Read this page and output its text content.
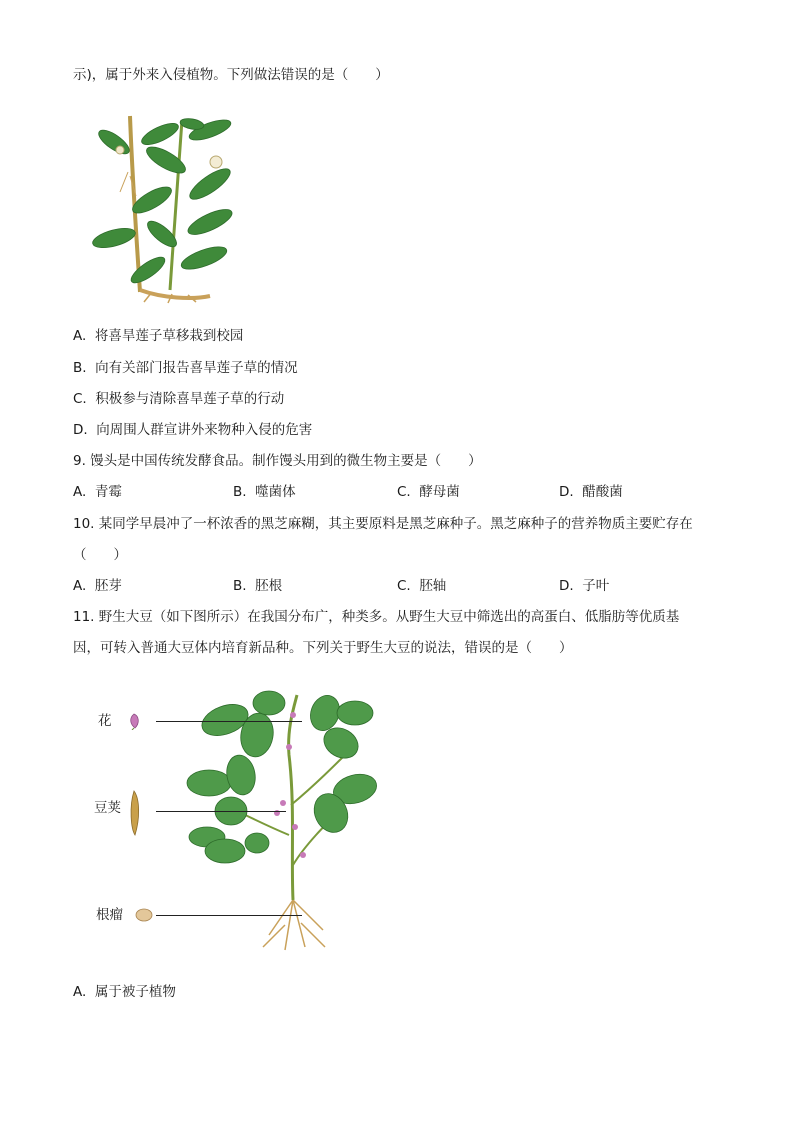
示)，属于外来入侵植物。下列做法错误的是（　　）
A. 将喜旱莲子草移栽到校园
B. 向有关部门报告喜旱莲子草的情况
C. 积极参与清除喜旱莲子草的行动
D. 向周围人群宣讲外来物种入侵的危害
9. 馒头是中国传统发酵食品。制作馒头用到的微生物主要是（　　）
A. 青霉	B. 噬菌体	C. 酵母菌	D. 醋酸菌
10. 某同学早晨冲了一杯浓香的黑芝麻糊，其主要原料是黑芝麻种子。黑芝麻种子的营养物质主要贮存在
（　　）
A. 胚芽	B. 胚根	C. 胚轴	D. 子叶
11. 野生大豆（如下图所示）在我国分布广，种类多。从野生大豆中筛选出的高蛋白、低脂肪等优质基
因，可转入普通大豆体内培育新品种。下列关于野生大豆的说法，错误的是（　　）
花
豆荚
根瘤
A. 属于被子植物
